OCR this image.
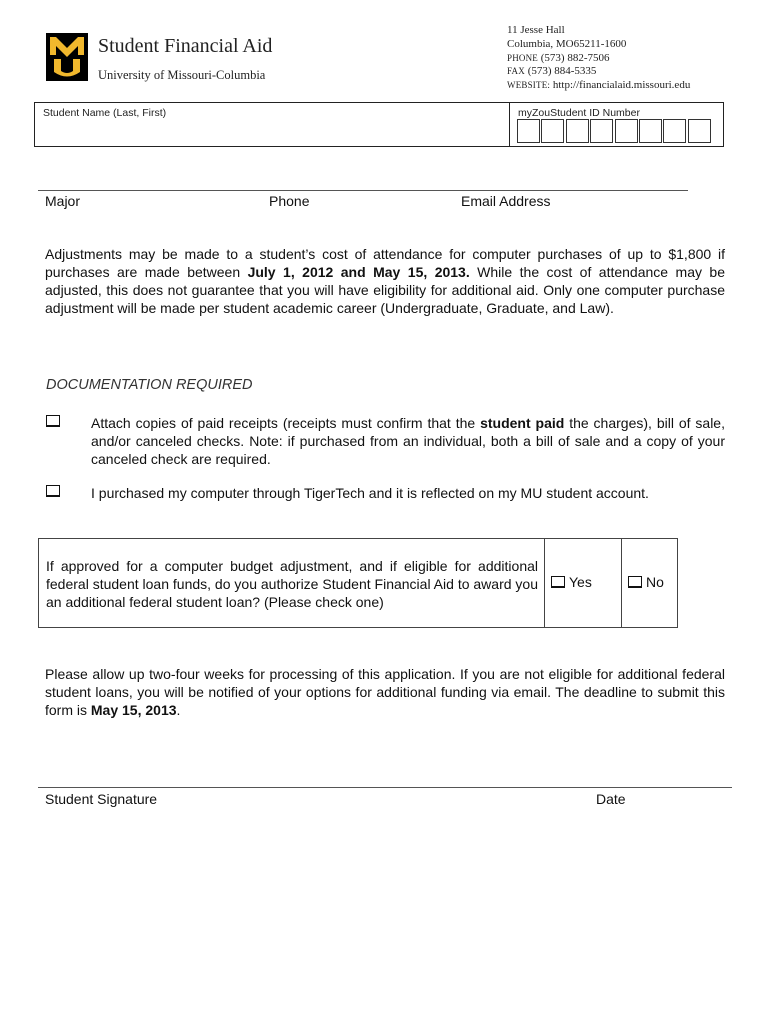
Student Financial Aid
University of Missouri-Columbia
11 Jesse Hall
Columbia, MO65211-1600
PHONE (573) 882-7506
FAX (573) 884-5335
WEBSITE: http://financialaid.missouri.edu
Student Name (Last, First)	myZouStudent ID Number
Major	Phone	Email Address
Adjustments may be made to a student’s cost of attendance for computer purchases of up to $1,800 if purchases are made between July 1, 2012 and May 15, 2013. While the cost of attendance may be adjusted, this does not guarantee that you will have eligibility for additional aid. Only one computer purchase adjustment will be made per student academic career (Undergraduate, Graduate, and Law).
DOCUMENTATION REQUIRED
Attach copies of paid receipts (receipts must confirm that the student paid the charges), bill of sale, and/or canceled checks. Note: if purchased from an individual, both a bill of sale and a copy of your canceled check are required.
I purchased my computer through TigerTech and it is reflected on my MU student account.
If approved for a computer budget adjustment, and if eligible for additional federal student loan funds, do you authorize Student Financial Aid to award you an additional federal student loan? (Please check one)
Yes	No
Please allow up two-four weeks for processing of this application. If you are not eligible for additional federal student loans, you will be notified of your options for additional funding via email. The deadline to submit this form is May 15, 2013.
Student Signature	Date
